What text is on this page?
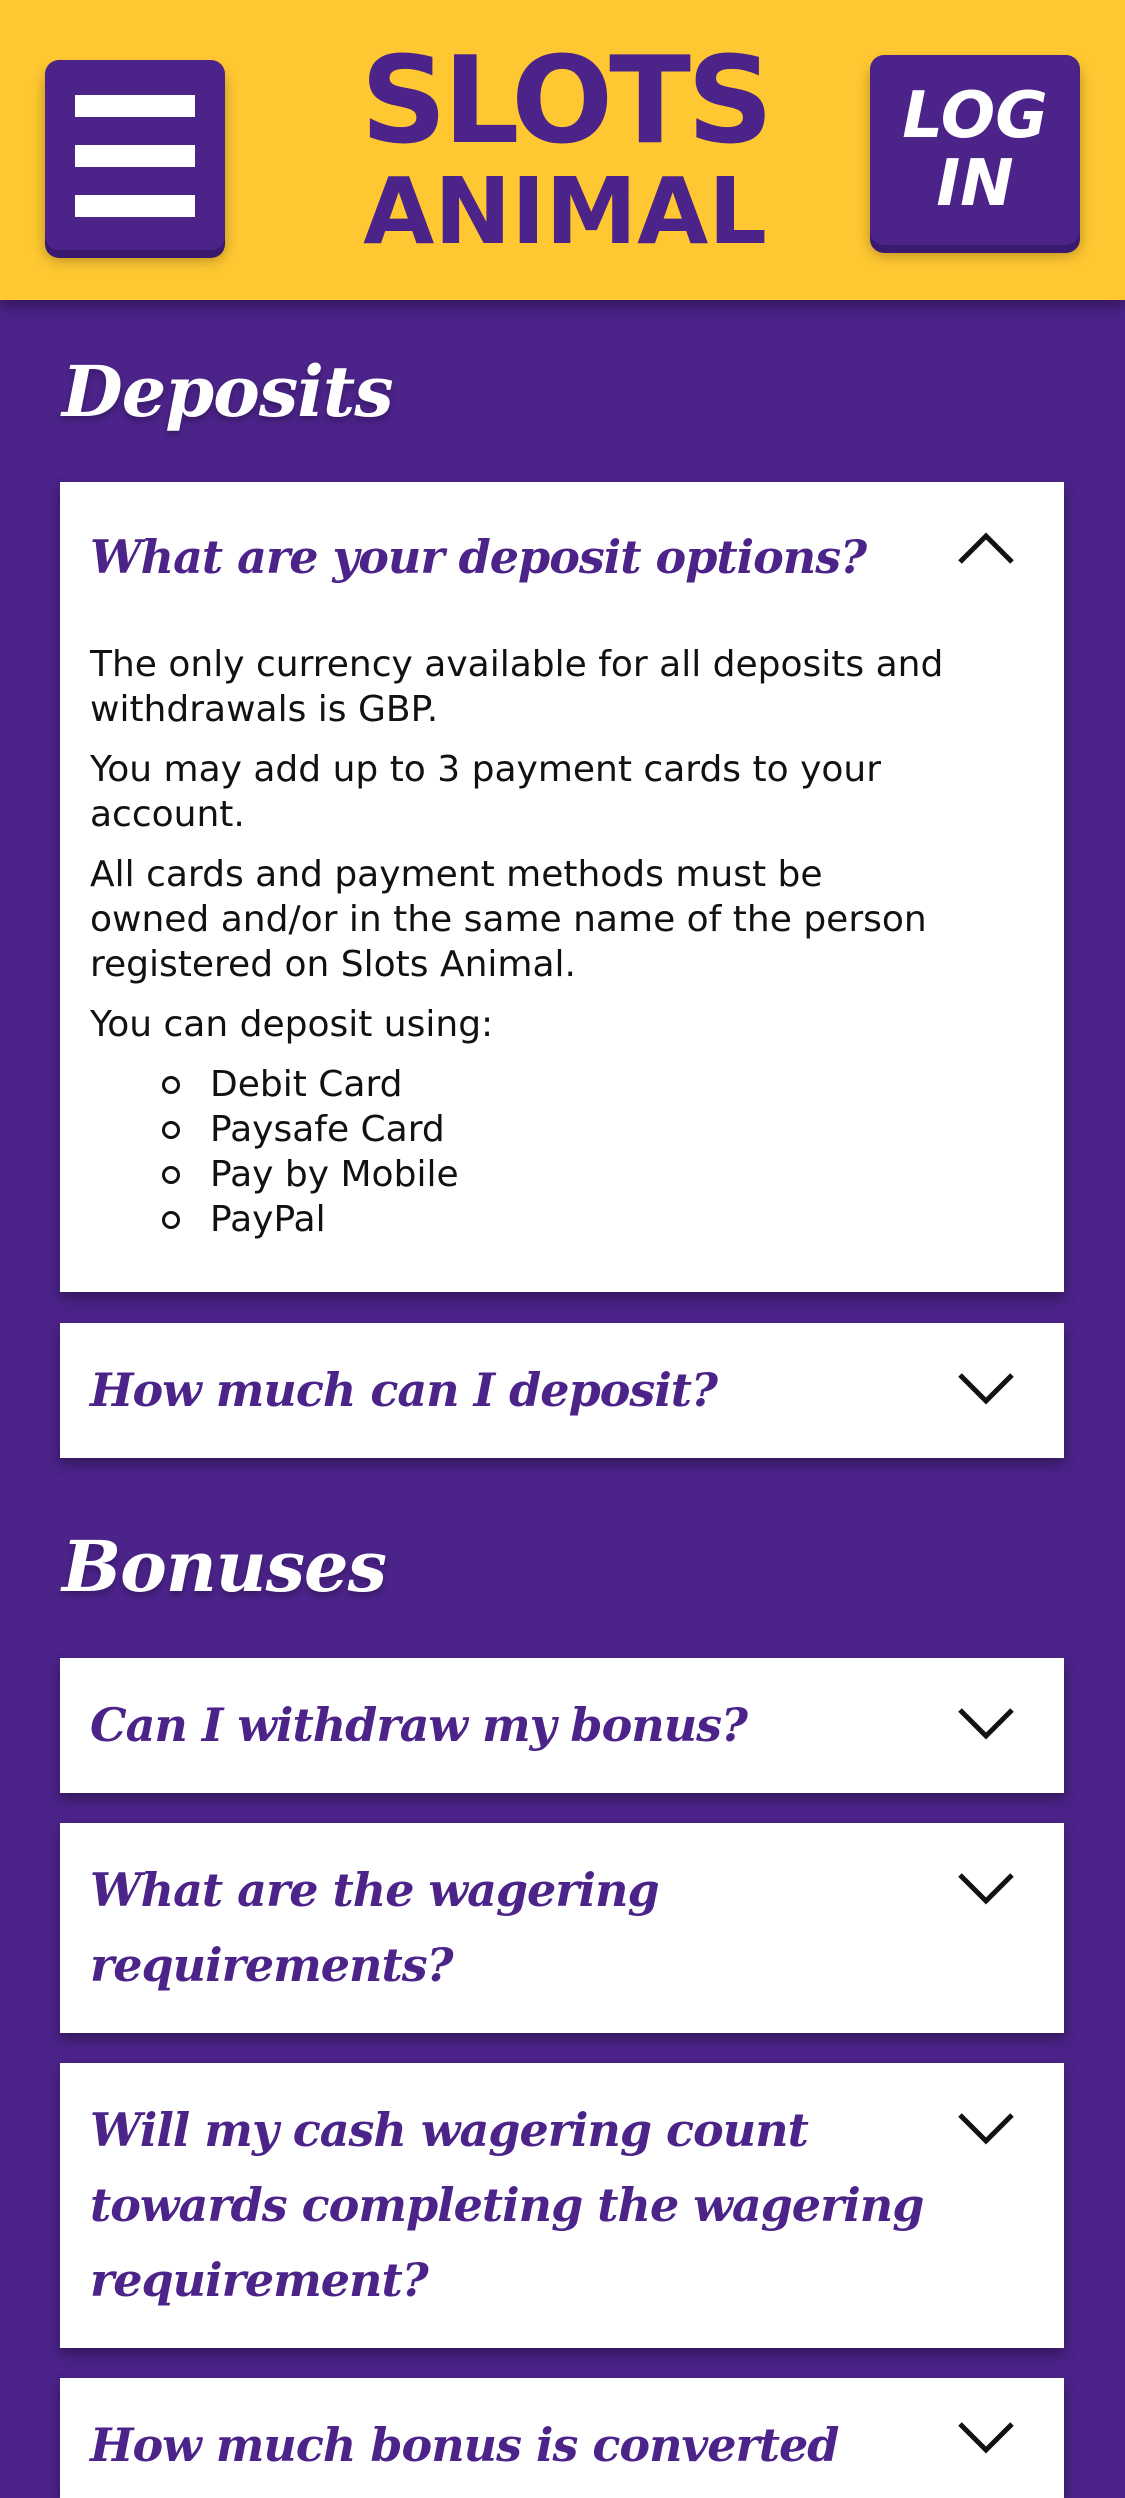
SLOTS
ANIMAL
LOG IN
Deposits
What are your deposit options?

The only currency available for all deposits and withdrawals is GBP.

You may add up to 3 payment cards to your account.

All cards and payment methods must be owned and/or in the same name of the person registered on Slots Animal.

You can deposit using:

Debit Card
Paysafe Card
Pay by Mobile
PayPal
How much can I deposit?
Bonuses
Can I withdraw my bonus?
What are the wagering requirements?
Will my cash wagering count towards completing the wagering requirement?
How much bonus is converted
